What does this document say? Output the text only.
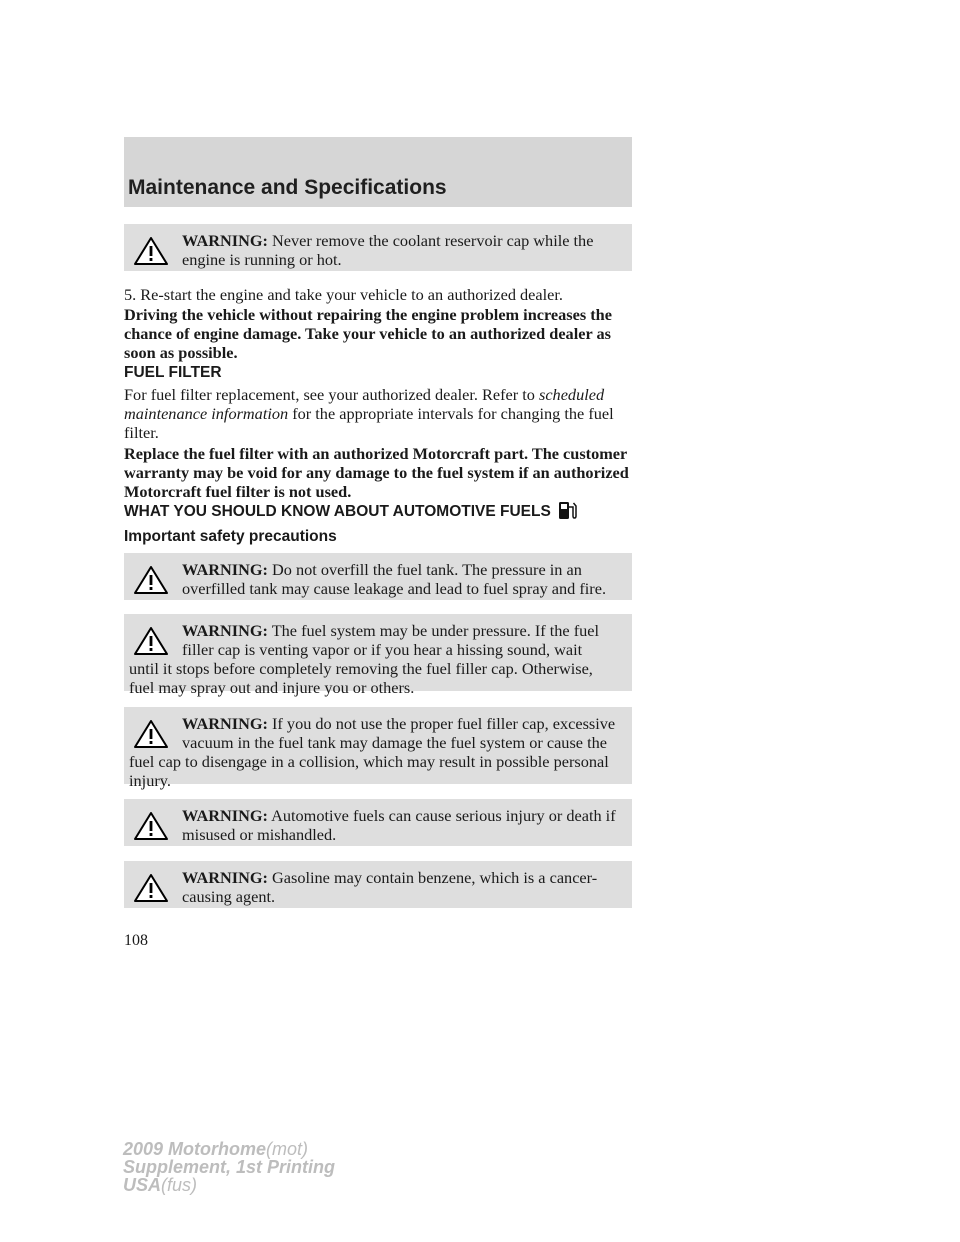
Maintenance and Specifications
WARNING: Never remove the coolant reservoir cap while the engine is running or hot.
5. Re-start the engine and take your vehicle to an authorized dealer.
Driving the vehicle without repairing the engine problem increases the chance of engine damage. Take your vehicle to an authorized dealer as soon as possible.
FUEL FILTER
For fuel filter replacement, see your authorized dealer. Refer to scheduled maintenance information for the appropriate intervals for changing the fuel filter.
Replace the fuel filter with an authorized Motorcraft part. The customer warranty may be void for any damage to the fuel system if an authorized Motorcraft fuel filter is not used.
WHAT YOU SHOULD KNOW ABOUT AUTOMOTIVE FUELS
Important safety precautions
WARNING: Do not overfill the fuel tank. The pressure in an overfilled tank may cause leakage and lead to fuel spray and fire.
WARNING: The fuel system may be under pressure. If the fuel filler cap is venting vapor or if you hear a hissing sound, wait until it stops before completely removing the fuel filler cap. Otherwise, fuel may spray out and injure you or others.
WARNING: If you do not use the proper fuel filler cap, excessive vacuum in the fuel tank may damage the fuel system or cause the fuel cap to disengage in a collision, which may result in possible personal injury.
WARNING: Automotive fuels can cause serious injury or death if misused or mishandled.
WARNING: Gasoline may contain benzene, which is a cancer-causing agent.
108
2009 Motorhome(mot)
Supplement, 1st Printing
USA(fus)
